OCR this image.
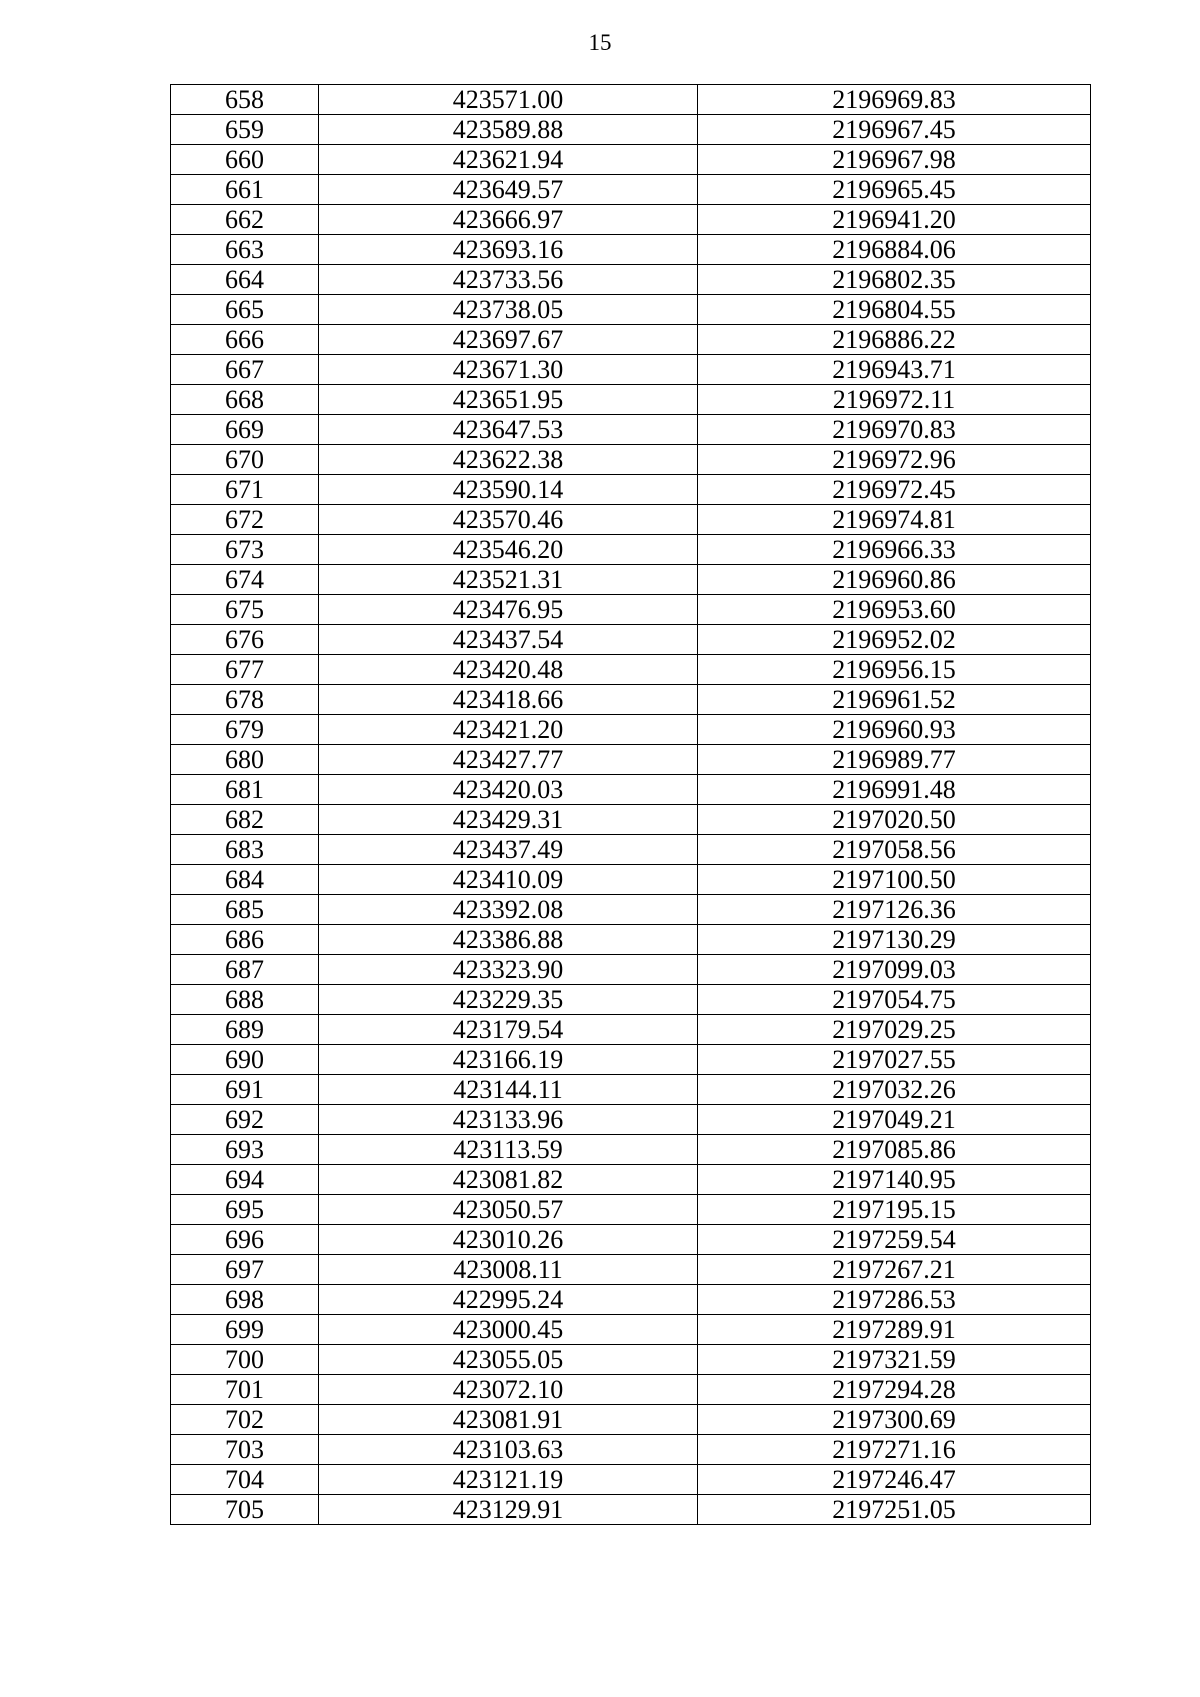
15
658	423571.00	2196969.83
659	423589.88	2196967.45
660	423621.94	2196967.98
661	423649.57	2196965.45
662	423666.97	2196941.20
663	423693.16	2196884.06
664	423733.56	2196802.35
665	423738.05	2196804.55
666	423697.67	2196886.22
667	423671.30	2196943.71
668	423651.95	2196972.11
669	423647.53	2196970.83
670	423622.38	2196972.96
671	423590.14	2196972.45
672	423570.46	2196974.81
673	423546.20	2196966.33
674	423521.31	2196960.86
675	423476.95	2196953.60
676	423437.54	2196952.02
677	423420.48	2196956.15
678	423418.66	2196961.52
679	423421.20	2196960.93
680	423427.77	2196989.77
681	423420.03	2196991.48
682	423429.31	2197020.50
683	423437.49	2197058.56
684	423410.09	2197100.50
685	423392.08	2197126.36
686	423386.88	2197130.29
687	423323.90	2197099.03
688	423229.35	2197054.75
689	423179.54	2197029.25
690	423166.19	2197027.55
691	423144.11	2197032.26
692	423133.96	2197049.21
693	423113.59	2197085.86
694	423081.82	2197140.95
695	423050.57	2197195.15
696	423010.26	2197259.54
697	423008.11	2197267.21
698	422995.24	2197286.53
699	423000.45	2197289.91
700	423055.05	2197321.59
701	423072.10	2197294.28
702	423081.91	2197300.69
703	423103.63	2197271.16
704	423121.19	2197246.47
705	423129.91	2197251.05
